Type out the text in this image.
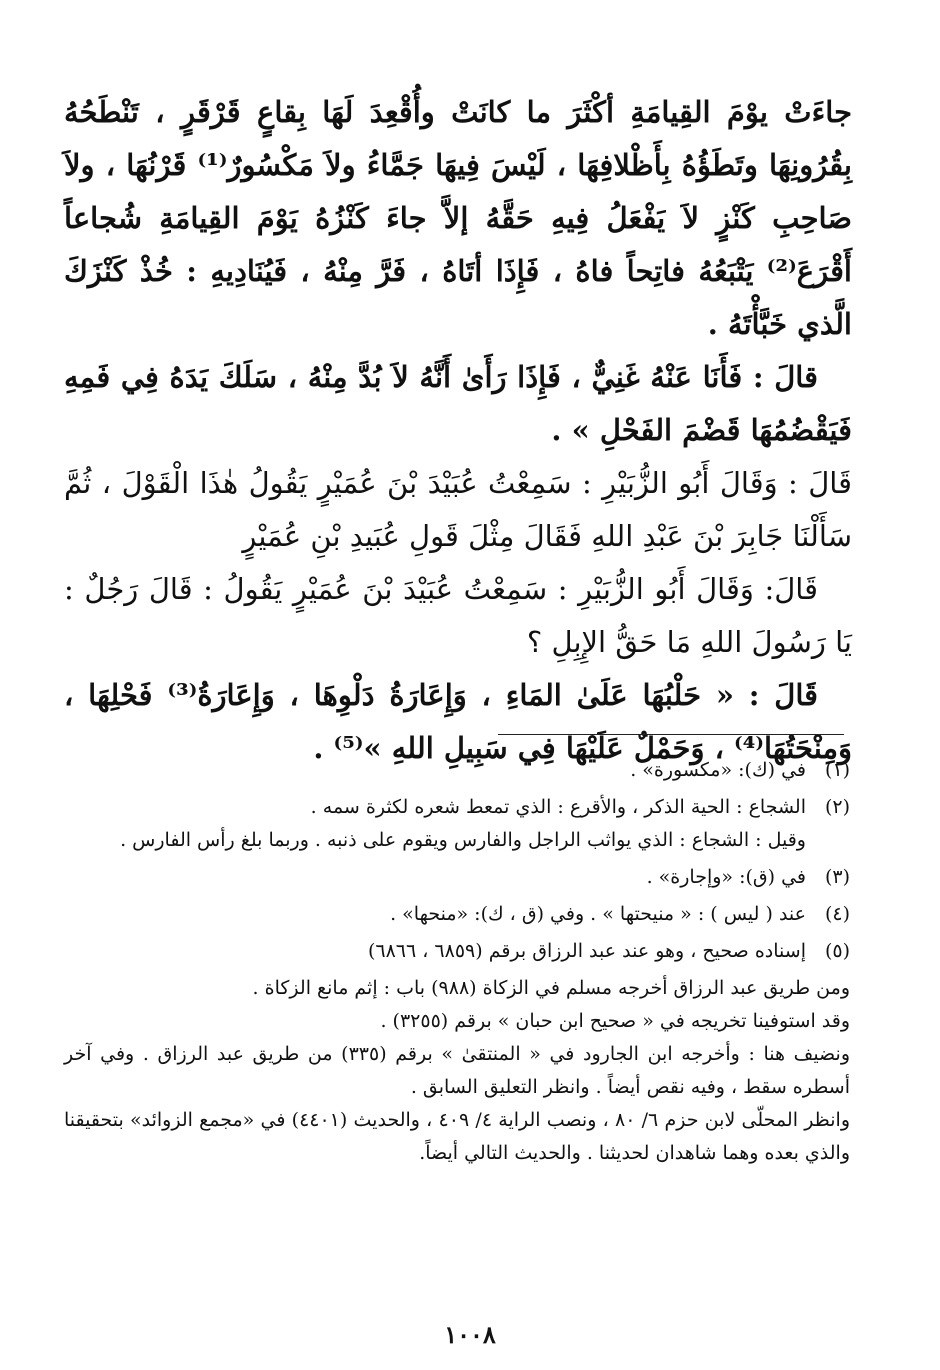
جاءَتْ يوْمَ القِيامَةِ أكْثَرَ ما كانَتْ وأُقْعِدَ لَهَا بِقاعٍ قَرْقَرٍ ، تَنْطَحُهُ بِقُرُونِهَا وتَطَؤُهُ بِأَظْلافِهَا ، لَيْسَ فِيهَا جَمَّاءُ ولاَ مَكْسُورٌ⁽¹⁾ قَرْنُهَا ، ولاَ صَاحِبِ كَنْزٍ لاَ يَفْعَلُ فِيهِ حَقَّهُ إلاَّ جاءَ كَنْزُهُ يَوْمَ القِيامَةِ شُجاعاً أَقْرَعَ⁽²⁾ يَتْبَعُهُ فاتِحاً فاهُ ، فَإِذَا أتَاهُ ، فَرَّ مِنْهُ ، فَيُنَادِيهِ : خُذْ كَنْزَكَ الَّذي خَبَّأْتَهُ .

قالَ : فَأَنَا عَنْهُ غَنِيٌّ ، فَإِذَا رَأَىٰ أَنَّهُ لاَ بُدَّ مِنْهُ ، سَلَكَ يَدَهُ فِي فَمِهِ فَيَقْضُمُهَا قَضْمَ الفَحْلِ » .

قَالَ : وَقَالَ أَبُو الزُّبَيْرِ : سَمِعْتُ عُبَيْدَ بْنَ عُمَيْرٍ يَقُولُ هٰذَا الْقَوْلَ ، ثُمَّ سَأَلْنَا جَابِرَ بْنَ عَبْدِ اللهِ فَقَالَ مِثْلَ قَولِ عُبَيدِ بْنِ عُمَيْرٍ

قَالَ: وَقَالَ أَبُو الزُّبَيْرِ : سَمِعْتُ عُبَيْدَ بْنَ عُمَيْرٍ يَقُولُ : قَالَ رَجُلٌ : يَا رَسُولَ اللهِ مَا حَقُّ الإِبِلِ ؟

قَالَ : « حَلْبُهَا عَلَىٰ المَاءِ ، وَإِعَارَةُ دَلْوِهَا ، وَإِعَارَةُ⁽³⁾ فَحْلِهَا ، وَمِنْحَتُهَا⁽⁴⁾ ، وَحَمْلٌ عَلَيْهَا فِي سَبِيلِ اللهِ »⁽⁵⁾ .

(١)

في (ك): «مكسورة» .

(٢)

الشجاع : الحية الذكر ، والأقرع : الذي تمعط شعره لكثرة سمه .

وقيل : الشجاع : الذي يواثب الراجل والفارس ويقوم على ذنبه . وربما بلغ رأس الفارس .

(٣)

في (ق): «وإجارة» .

(٤)

عند ( ليس ) : « منيحتها » . وفي (ق ، ك): «منحها» .

(٥)

إسناده صحيح ، وهو عند عبد الرزاق برقم (٦٨٥٩ ، ٦٨٦٦)

ومن طريق عبد الرزاق أخرجه مسلم في الزكاة (٩٨٨) باب : إثم مانع الزكاة .

وقد استوفينا تخريجه في « صحيح ابن حبان » برقم (٣٢٥٥) .

ونضيف هنا : وأخرجه ابن الجارود في « المنتقىٰ » برقم (٣٣٥) من طريق عبد الرزاق . وفي آخر أسطره سقط ، وفيه نقص أيضاً . وانظر التعليق السابق .

وانظر المحلّى لابن حزم ٦/ ٨٠ ، ونصب الراية ٤/ ٤٠٩ ، والحديث (٤٤٠١) في «مجمع الزوائد» بتحقيقنا والذي بعده وهما شاهدان لحديثنا . والحديث التالي أيضاً.

١٠٠٨
